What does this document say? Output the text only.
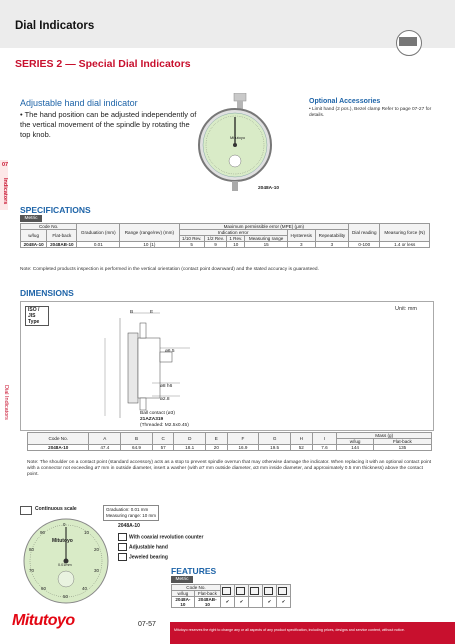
Dial Indicators
SERIES 2 — Special Dial Indicators
Adjustable hand dial indicator
• The hand position can be adjusted independently of the vertical movement of the spindle by rotating the top knob.
Optional Accessories
• Limit hand (2 pcs.), Bezel clamp Refer to page 07-27 for details.
Mitutoyo
2048A-10
07
Indicators
Dial Indicators
SPECIFICATIONS
Metric
Code No.		Graduation (mm)	Range (range/rev) (mm)	Maximum permissible error (MPE) (μm)						Dial reading	Measuring force (N)
w/lug	Flat-back			Indication error				Hysteresis	Repeatability		
				1/10 Rev.	1/2 Rev.	1 Rev.	Measuring range				
2048A-10	2048AB-10	0.01	10 (1)	5	9	10	15	3	3	0-100	1.4 or less
Note: Completed products inspection is performed in the vertical orientation (contact point downward) and the stated accuracy is guaranteed.
DIMENSIONS
ISO / JIS Type
Unit: mm
B	E
ø6.5
ø8 h6
ø2.8
Ball contact (ø3)
21AZA319
(Threaded: M2.5x0.45)
Code No.	A	B	C	D	E	F	G	H	I	Mass (g)	
										w/lug	Flat-back
2048A-10	47.4	64.9	57	18.1	20	16.9	19.5	52	7.6	144	135
Note: The shoulder on a contact point (standard accessory) acts as a stop to prevent spindle overrun that may otherwise damage the indicator. When replacing it with an optional contact point with a connector not exceeding ø7 mm in outside diameter, insert a washer (with ø7 mm outside diameter, ø3 mm inside diameter, and approximately 0.5 mm thickness) above the contact point.
Continuous scale	Graduation: 0.01 mm
Measuring range: 10 mm
Mitutoyo
0
10
20
30
40
50
60
70
80
90
0.01mm
2048A-10
With coaxial revolution counter
Adjustable hand
Jeweled bearing
FEATURES
Metric
Code No.						
w/lug	Flat-back					
2048A-10	2048AB-10	✔	✔		✔	✔
Mitutoyo	07-57
Mitutoyo reserves the right to change any or all aspects of any product specification, including prices, designs and service content, without notice.
